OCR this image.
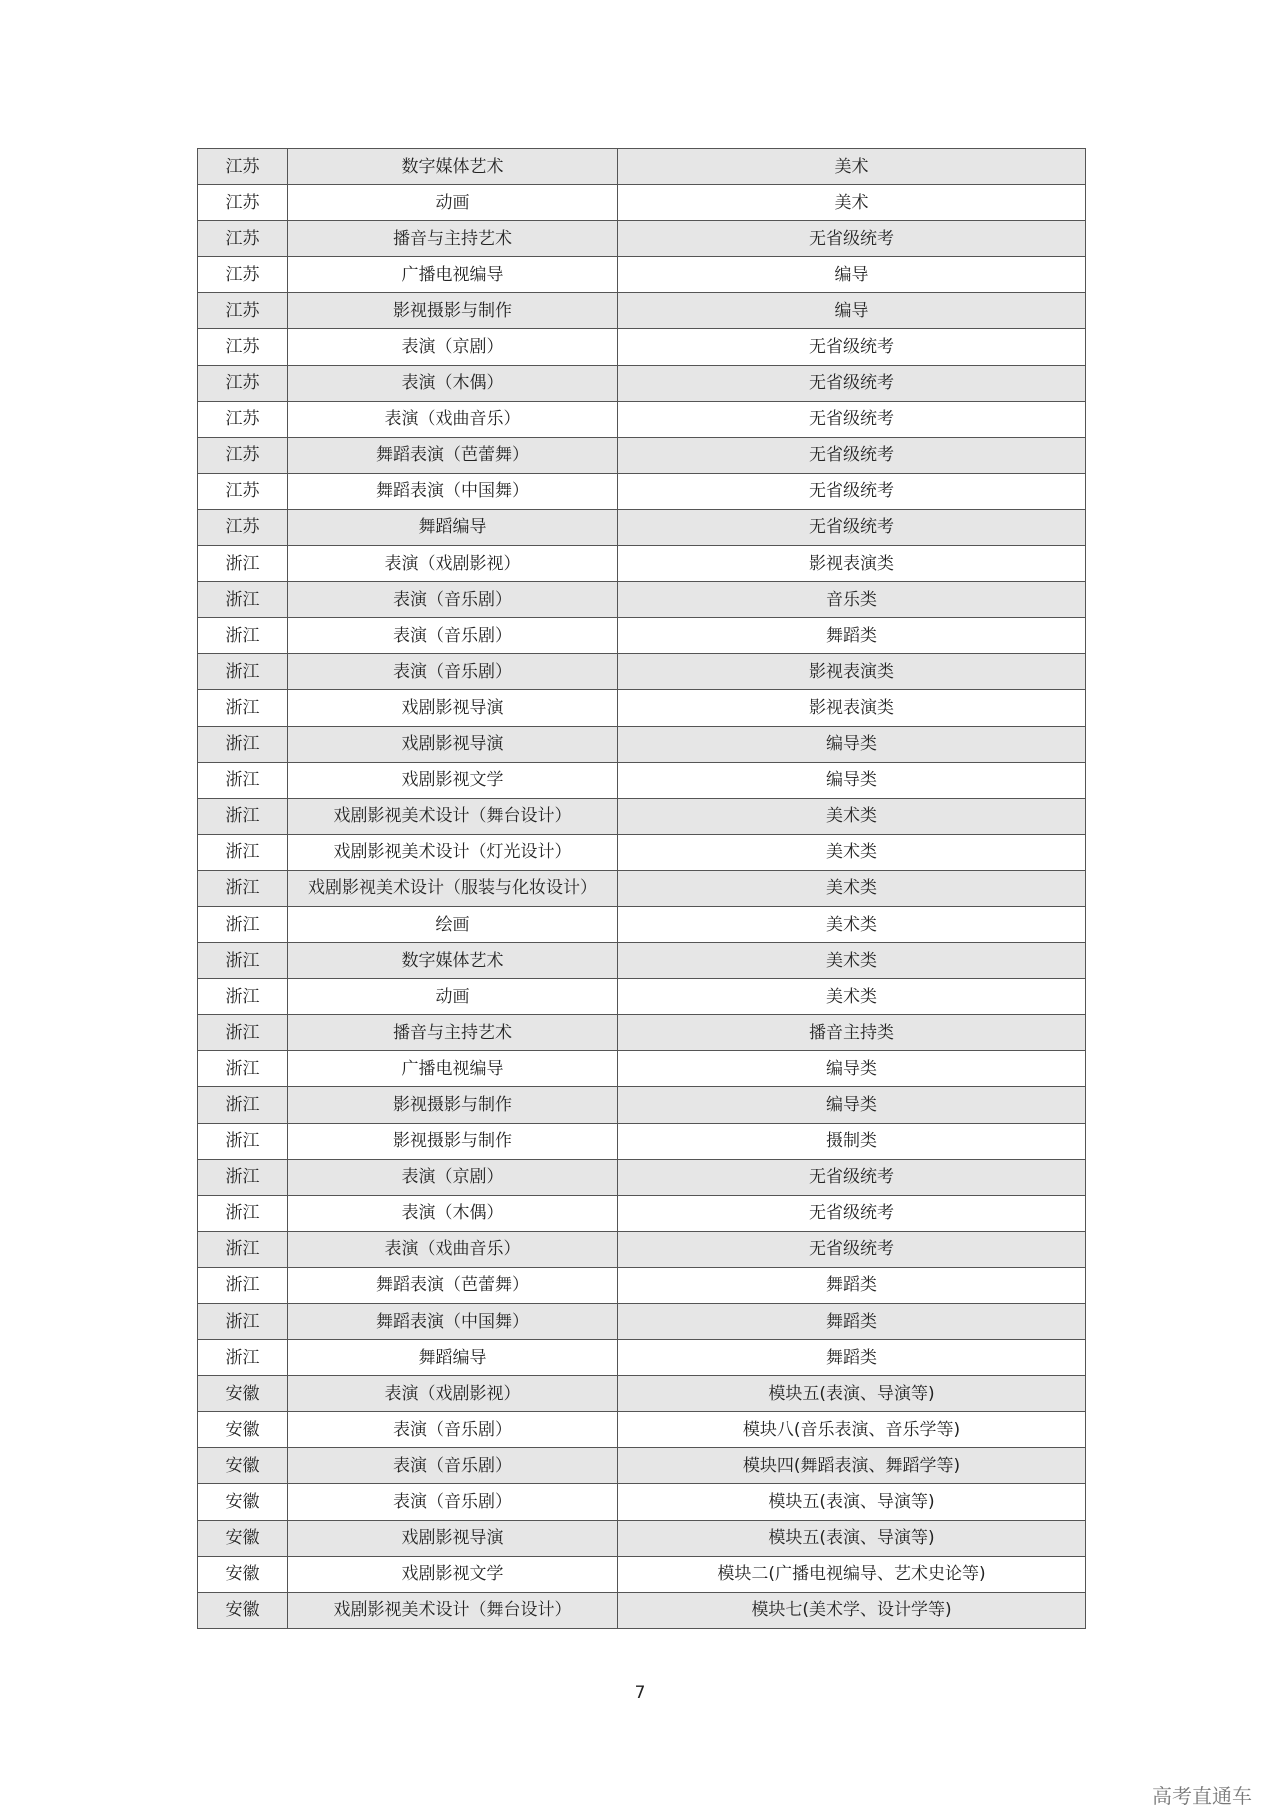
江苏	数字媒体艺术	美术
江苏	动画	美术
江苏	播音与主持艺术	无省级统考
江苏	广播电视编导	编导
江苏	影视摄影与制作	编导
江苏	表演（京剧）	无省级统考
江苏	表演（木偶）	无省级统考
江苏	表演（戏曲音乐）	无省级统考
江苏	舞蹈表演（芭蕾舞）	无省级统考
江苏	舞蹈表演（中国舞）	无省级统考
江苏	舞蹈编导	无省级统考
浙江	表演（戏剧影视）	影视表演类
浙江	表演（音乐剧）	音乐类
浙江	表演（音乐剧）	舞蹈类
浙江	表演（音乐剧）	影视表演类
浙江	戏剧影视导演	影视表演类
浙江	戏剧影视导演	编导类
浙江	戏剧影视文学	编导类
浙江	戏剧影视美术设计（舞台设计）	美术类
浙江	戏剧影视美术设计（灯光设计）	美术类
浙江	戏剧影视美术设计（服装与化妆设计）	美术类
浙江	绘画	美术类
浙江	数字媒体艺术	美术类
浙江	动画	美术类
浙江	播音与主持艺术	播音主持类
浙江	广播电视编导	编导类
浙江	影视摄影与制作	编导类
浙江	影视摄影与制作	摄制类
浙江	表演（京剧）	无省级统考
浙江	表演（木偶）	无省级统考
浙江	表演（戏曲音乐）	无省级统考
浙江	舞蹈表演（芭蕾舞）	舞蹈类
浙江	舞蹈表演（中国舞）	舞蹈类
浙江	舞蹈编导	舞蹈类
安徽	表演（戏剧影视）	模块五(表演、导演等)
安徽	表演（音乐剧）	模块八(音乐表演、音乐学等)
安徽	表演（音乐剧）	模块四(舞蹈表演、舞蹈学等)
安徽	表演（音乐剧）	模块五(表演、导演等)
安徽	戏剧影视导演	模块五(表演、导演等)
安徽	戏剧影视文学	模块二(广播电视编导、艺术史论等)
安徽	戏剧影视美术设计（舞台设计）	模块七(美术学、设计学等)
7
高考直通车
